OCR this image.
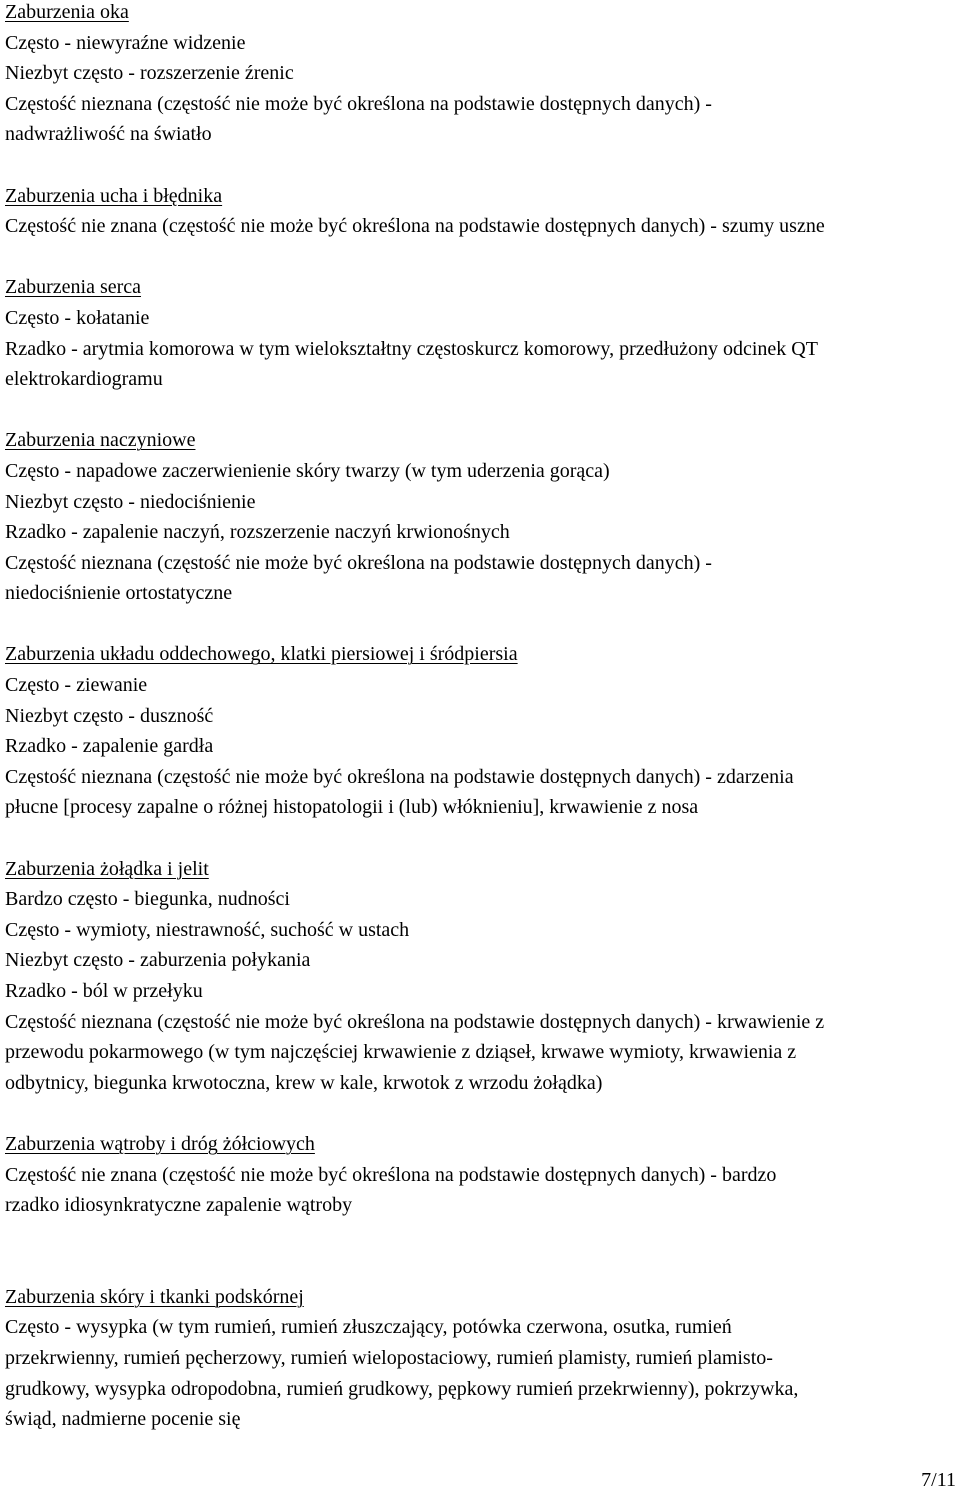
Zaburzenia oka
Często - niewyraźne widzenie
Niezbyt często - rozszerzenie źrenic
Częstość nieznana (częstość nie może być określona na podstawie dostępnych danych) -
nadwrażliwość na światło
Zaburzenia ucha i błędnika
Częstość nie znana (częstość nie może być określona na podstawie dostępnych danych) - szumy uszne
Zaburzenia serca
Często - kołatanie
Rzadko - arytmia komorowa w tym wielokształtny częstoskurcz komorowy, przedłużony odcinek QT
elektrokardiogramu
Zaburzenia naczyniowe
Często - napadowe zaczerwienienie skóry twarzy (w tym uderzenia gorąca)
Niezbyt często - niedociśnienie
Rzadko - zapalenie naczyń, rozszerzenie naczyń krwionośnych
Częstość nieznana (częstość nie może być określona na podstawie dostępnych danych) -
niedociśnienie ortostatyczne
Zaburzenia układu oddechowego, klatki piersiowej i śródpiersia
Często - ziewanie
Niezbyt często - duszność
Rzadko - zapalenie gardła
Częstość nieznana (częstość nie może być określona na podstawie dostępnych danych) - zdarzenia
płucne [procesy zapalne o różnej histopatologii i (lub) włóknieniu], krwawienie z nosa
Zaburzenia żołądka i jelit
Bardzo często - biegunka, nudności
Często - wymioty, niestrawność, suchość w ustach
Niezbyt często - zaburzenia połykania
Rzadko - ból w przełyku
Częstość nieznana (częstość nie może być określona na podstawie dostępnych danych) - krwawienie z
przewodu pokarmowego (w tym najczęściej krwawienie z dziąseł, krwawe wymioty, krwawienia z
odbytnicy, biegunka krwotoczna, krew w kale, krwotok z wrzodu żołądka)
Zaburzenia wątroby i dróg żółciowych
Częstość nie znana (częstość nie może być określona na podstawie dostępnych danych) - bardzo
rzadko idiosynkratyczne zapalenie wątroby
Zaburzenia skóry i tkanki podskórnej
Często - wysypka (w tym rumień, rumień złuszczający, potówka czerwona, osutka, rumień
przekrwienny, rumień pęcherzowy, rumień wielopostaciowy, rumień plamisty, rumień plamisto-
grudkowy, wysypka odropodobna, rumień grudkowy, pępkowy rumień przekrwienny), pokrzywka,
świąd, nadmierne pocenie się
7/11
